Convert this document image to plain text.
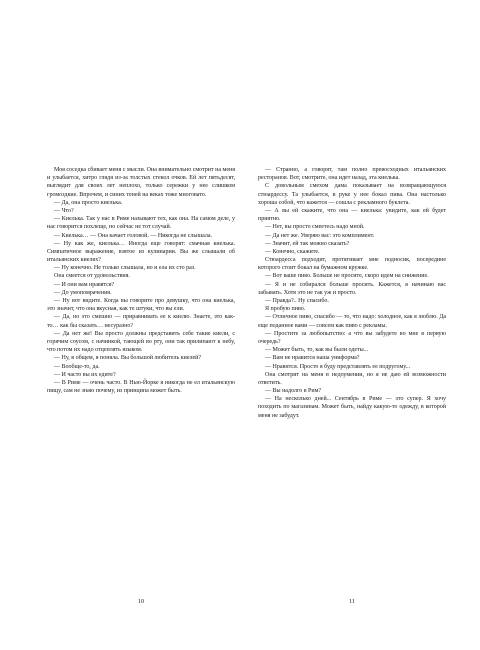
Моя соседка сбивает меня с мысли. Она внимательно смотрит на меня и улыбается, хитро глядя из-за толстых стекол очков. Ей лет пятьдесят, выглядит для своих лет неплохо, только сережки у нее слишком громоздкие. Впрочем, и синих теней на веках тоже многовато.

— Да, она просто киелька.

— Что?

— Киелька. Так у нас в Риме называют тех, как она. На самом деле, у нас говорится похлеще, но сейчас не тот случай.

— Киелька… — Она качает головой. — Никогда не слышала.

— Ну как же, киелька… Иногда еще говорят: смачная киелька. Симпатичное выражение, взятое из кулинарии. Вы же слышали об итальянских киелях?

— Ну конечно. Не только слышала, но и ела их сто раз.

Она смеется от удовольствия.

— И они вам нравятся?

— До умопомрачения.

— Ну вот видите. Когда вы говорите про девушку, что она киелька, это значит, что она вкусная, как те штуки, что вы ели.

— Да, но это смешно — приравнивать ее к киелю. Знаете, это как-то… как бы сказать… несуразно?

— Да нет же! Вы просто должны представить себе такие киели, с горячим соусом, с начинкой, тающей во рту, они так прилипают к небу, что потом их надо отцеплять языком.

— Ну, в общем, я поняла. Вы большой любитель киелей?

— Вообще-то, да.

— И часто вы их едите?

— В Риме — очень часто. В Нью-Йорке я никогда не ел итальянскую пищу, сам не знаю почему, из принципа может быть.

10

— Странно, а говорят, там полно превосходных итальянских ресторанов. Вот, смотрите, она идет назад, эта киелька.

С довольным смехом дама показывает на возвращающуюся стюардессу. Та улыбается, в руке у нее бокал пива. Она настолько хороша собой, что кажется — сошла с рекламного буклета.

— А вы ей скажите, что она — киелька: увидите, как ей будет приятно.

— Нет, вы просто смеетесь надо мной.

— Да нет же. Уверяю вас: это комплимент.

— Значит, ей так можно сказать?

— Конечно, скажите.

Стюардесса подходит, протягивает мне подносик, посередине которого стоит бокал на бумажном кружке.

— Вот ваше пиво. Больше не просите, скоро идем на снижение.

— Я и не собирался больше просить. Кажется, я начинаю вас забывать. Хотя это не так уж и просто.

— Правда?.. Ну спасибо.

Я пробую пиво.

— Отличное пиво, спасибо — то, что надо: холодное, как я люблю. Да еще поданное вами — совсем как пиво с рекламы.

— Простите за любопытство: а что вы забудете во мне в первую очередь?

— Может быть, то, как вы были одеты...

— Вам не нравится наша униформа?

— Нравится. Просто я буду представлять ее подругому...

Она смотрит на меня в недоумении, но я не даю ей возможности ответить.

— Вы надолго в Рим?

— На несколько дней... Сентябрь в Риме — это супер. Я хочу походить по магазинам. Может быть, найду какую-то одежду, в которой меня не забудут.

11
